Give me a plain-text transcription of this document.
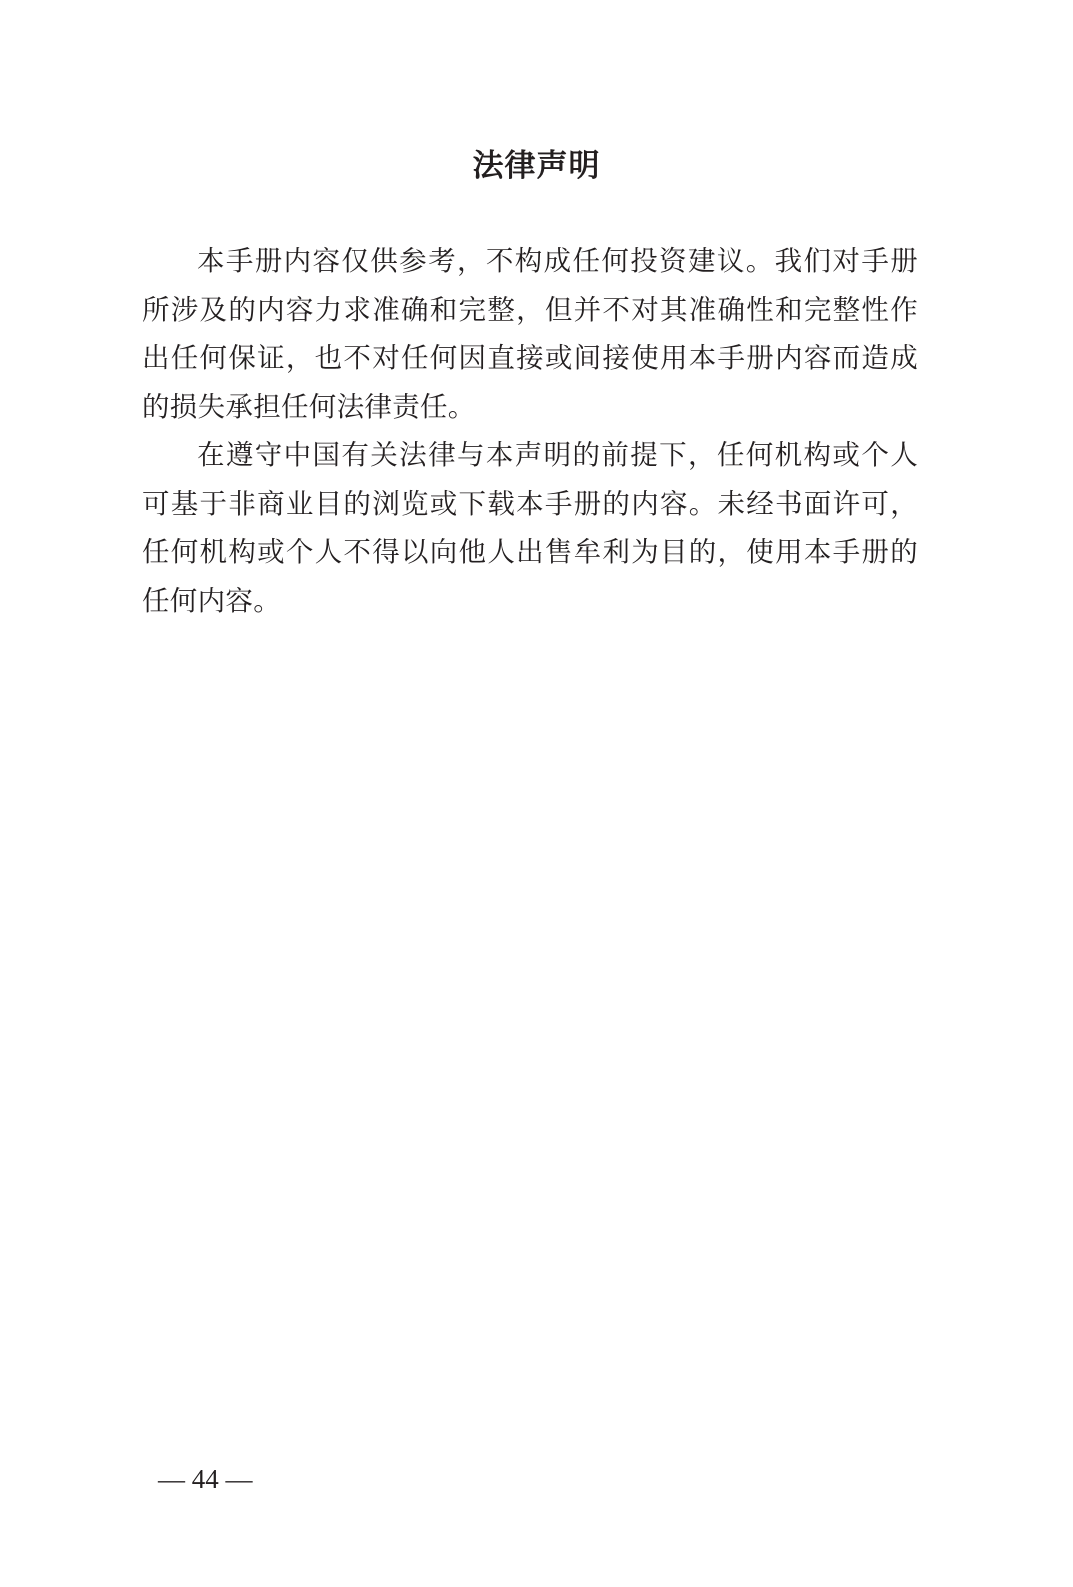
法律声明

本手册内容仅供参考，不构成任何投资建议。我们对手册所涉及的内容力求准确和完整，但并不对其准确性和完整性作出任何保证，也不对任何因直接或间接使用本手册内容而造成的损失承担任何法律责任。

在遵守中国有关法律与本声明的前提下，任何机构或个人可基于非商业目的浏览或下载本手册的内容。未经书面许可，任何机构或个人不得以向他人出售牟利为目的，使用本手册的任何内容。

— 44 —
